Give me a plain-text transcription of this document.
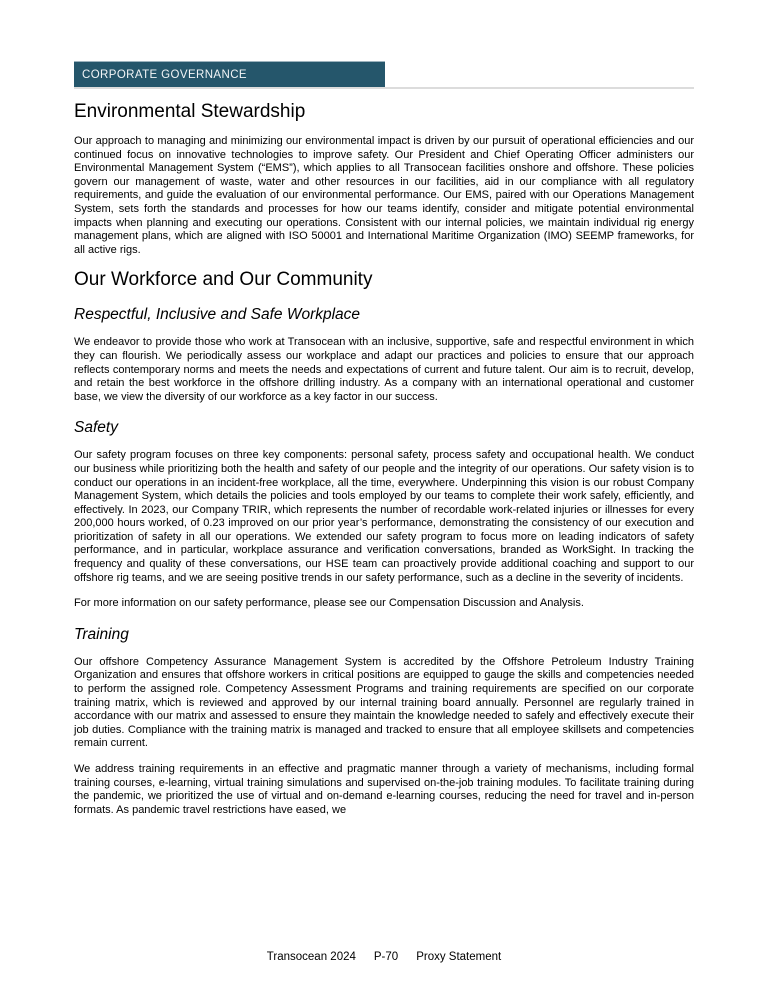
CORPORATE GOVERNANCE
Environmental Stewardship

Our approach to managing and minimizing our environmental impact is driven by our pursuit of operational efficiencies and our continued focus on innovative technologies to improve safety. Our President and Chief Operating Officer administers our Environmental Management System (“EMS”), which applies to all Transocean facilities onshore and offshore. These policies govern our management of waste, water and other resources in our facilities, aid in our compliance with all regulatory requirements, and guide the evaluation of our environmental performance. Our EMS, paired with our Operations Management System, sets forth the standards and processes for how our teams identify, consider and mitigate potential environmental impacts when planning and executing our operations. Consistent with our internal policies, we maintain individual rig energy management plans, which are aligned with ISO 50001 and International Maritime Organization (IMO) SEEMP frameworks, for all active rigs.

Our Workforce and Our Community
Respectful, Inclusive and Safe Workplace

We endeavor to provide those who work at Transocean with an inclusive, supportive, safe and respectful environment in which they can flourish. We periodically assess our workplace and adapt our practices and policies to ensure that our approach reflects contemporary norms and meets the needs and expectations of current and future talent. Our aim is to recruit, develop, and retain the best workforce in the offshore drilling industry. As a company with an international operational and customer base, we view the diversity of our workforce as a key factor in our success.

Safety

Our safety program focuses on three key components: personal safety, process safety and occupational health. We conduct our business while prioritizing both the health and safety of our people and the integrity of our operations. Our safety vision is to conduct our operations in an incident-free workplace, all the time, everywhere. Underpinning this vision is our robust Company Management System, which details the policies and tools employed by our teams to complete their work safely, efficiently, and effectively. In 2023, our Company TRIR, which represents the number of recordable work-related injuries or illnesses for every 200,000 hours worked, of 0.23 improved on our prior year’s performance, demonstrating the consistency of our execution and prioritization of safety in all our operations. We extended our safety program to focus more on leading indicators of safety performance, and in particular, workplace assurance and verification conversations, branded as WorkSight. In tracking the frequency and quality of these conversations, our HSE team can proactively provide additional coaching and support to our offshore rig teams, and we are seeing positive trends in our safety performance, such as a decline in the severity of incidents.

For more information on our safety performance, please see our Compensation Discussion and Analysis.

Training

Our offshore Competency Assurance Management System is accredited by the Offshore Petroleum Industry Training Organization and ensures that offshore workers in critical positions are equipped to gauge the skills and competencies needed to perform the assigned role. Competency Assessment Programs and training requirements are specified on our corporate training matrix, which is reviewed and approved by our internal training board annually. Personnel are regularly trained in accordance with our matrix and assessed to ensure they maintain the knowledge needed to safely and effectively execute their job duties. Compliance with the training matrix is managed and tracked to ensure that all employee skillsets and competencies remain current.

We address training requirements in an effective and pragmatic manner through a variety of mechanisms, including formal training courses, e-learning, virtual training simulations and supervised on-the-job training modules. To facilitate training during the pandemic, we prioritized the use of virtual and on-demand e-learning courses, reducing the need for travel and in-person formats. As pandemic travel restrictions have eased, we

Transocean 2024 P-70 Proxy Statement
